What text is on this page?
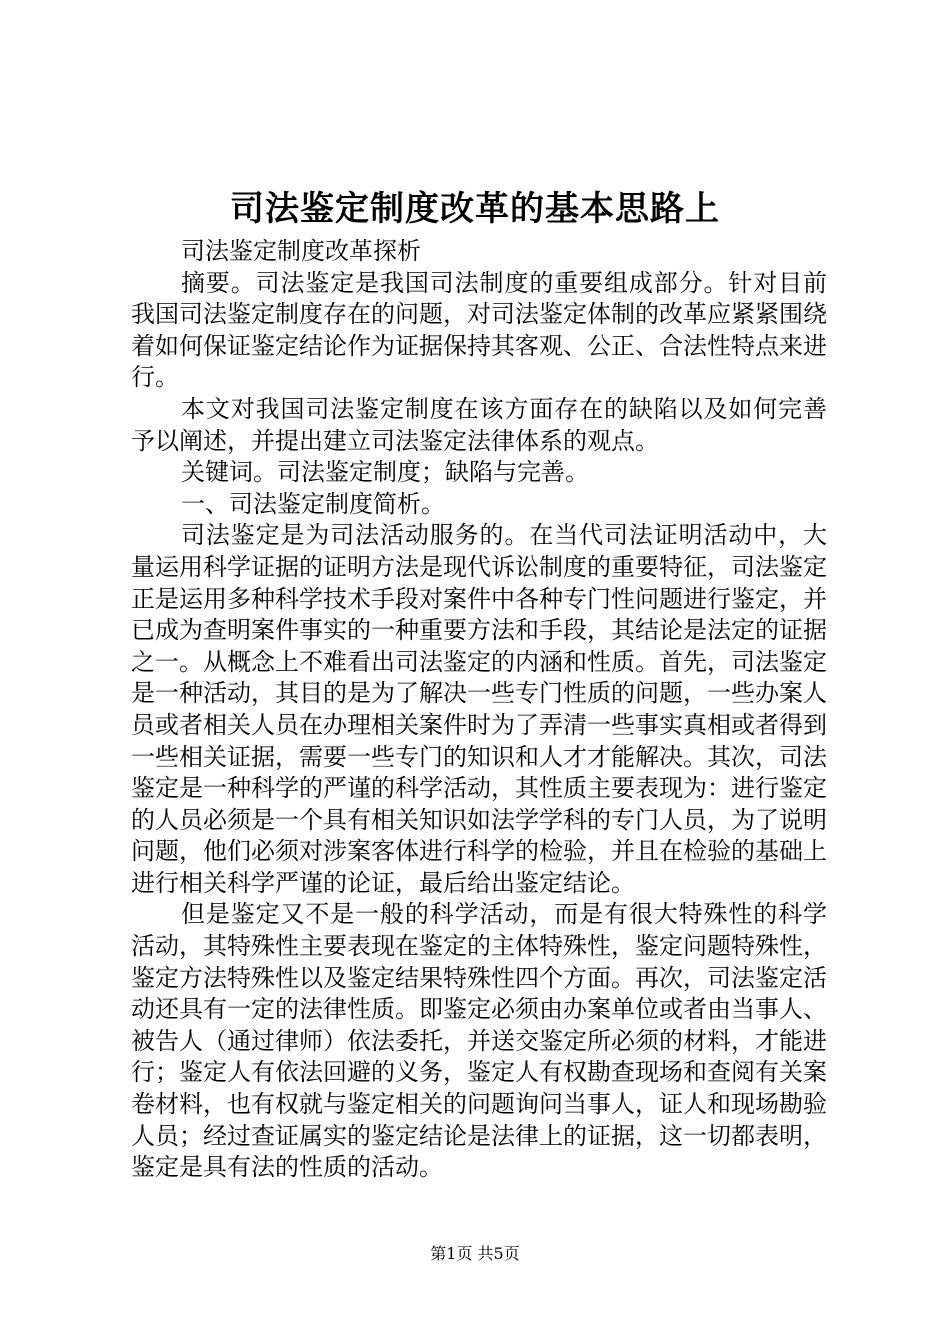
司法鉴定制度改革的基本思路上

司法鉴定制度改革探析

摘要。司法鉴定是我国司法制度的重要组成部分。针对目前我国司法鉴定制度存在的问题，对司法鉴定体制的改革应紧紧围绕着如何保证鉴定结论作为证据保持其客观、公正、合法性特点来进行。

本文对我国司法鉴定制度在该方面存在的缺陷以及如何完善予以阐述，并提出建立司法鉴定法律体系的观点。

关键词。司法鉴定制度；缺陷与完善。

一、司法鉴定制度简析。

司法鉴定是为司法活动服务的。在当代司法证明活动中，大量运用科学证据的证明方法是现代诉讼制度的重要特征，司法鉴定正是运用多种科学技术手段对案件中各种专门性问题进行鉴定，并已成为查明案件事实的一种重要方法和手段，其结论是法定的证据之一。从概念上不难看出司法鉴定的内涵和性质。首先，司法鉴定是一种活动，其目的是为了解决一些专门性质的问题，一些办案人员或者相关人员在办理相关案件时为了弄清一些事实真相或者得到一些相关证据，需要一些专门的知识和人才才能解决。其次，司法鉴定是一种科学的严谨的科学活动，其性质主要表现为：进行鉴定的人员必须是一个具有相关知识如法学学科的专门人员，为了说明问题，他们必须对涉案客体进行科学的检验，并且在检验的基础上进行相关科学严谨的论证，最后给出鉴定结论。

但是鉴定又不是一般的科学活动，而是有很大特殊性的科学活动，其特殊性主要表现在鉴定的主体特殊性，鉴定问题特殊性，鉴定方法特殊性以及鉴定结果特殊性四个方面。再次，司法鉴定活动还具有一定的法律性质。即鉴定必须由办案单位或者由当事人、被告人（通过律师）依法委托，并送交鉴定所必须的材料，才能进行；鉴定人有依法回避的义务，鉴定人有权勘查现场和查阅有关案卷材料，也有权就与鉴定相关的问题询问当事人，证人和现场勘验人员；经过查证属实的鉴定结论是法律上的证据，这一切都表明，鉴定是具有法的性质的活动。

第1页 共5页
